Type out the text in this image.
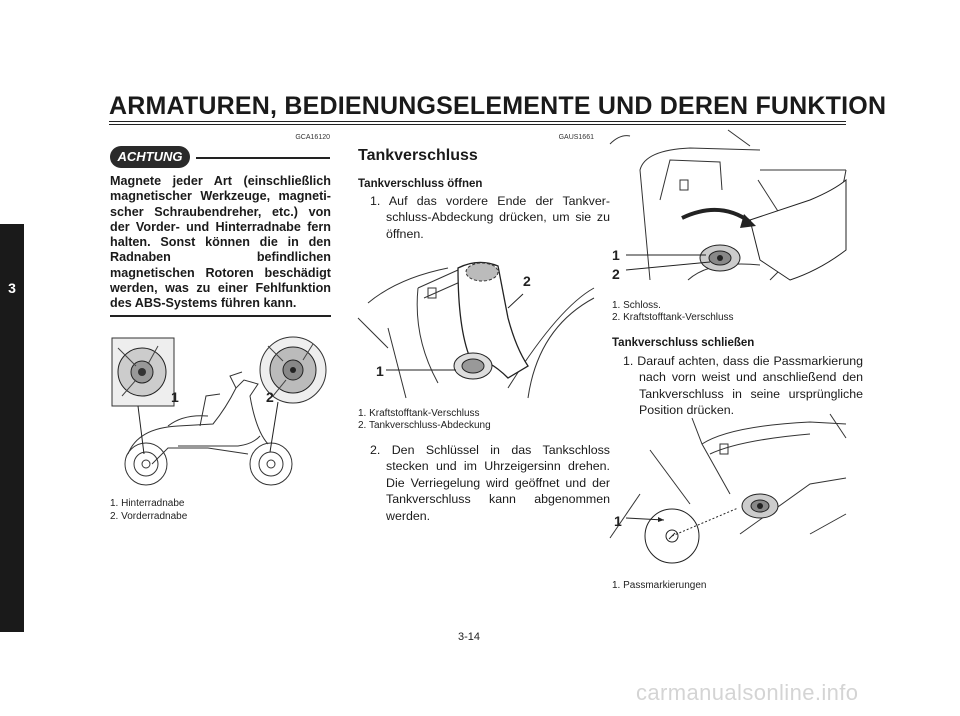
ARMATUREN, BEDIENUNGSELEMENTE UND DEREN FUNKTION
3
GCA16120
ACHTUNG
Magnete jeder Art (einschließlich magnetischer Werkzeuge, magnetischer Schraubendreher, etc.) von der Vorder- und Hinterradnabe fern halten. Sonst können die in den Radnaben befindlichen magnetischen Rotoren beschädigt werden, was zu einer Fehlfunktion des ABS-Systems führen kann.
1	2
1. Hinterradnabe
2. Vorderradnabe
GAUS1661
Tankverschluss
Tankverschluss öffnen
1. Auf das vordere Ende der Tankverschluss-Abdeckung drücken, um sie zu öffnen.
1
2
1. Kraftstofftank-Verschluss
2. Tankverschluss-Abdeckung
2. Den Schlüssel in das Tankschloss stecken und im Uhrzeigersinn drehen. Die Verriegelung wird geöffnet und der Tankverschluss kann abgenommen werden.
1
2
1. Schloss.
2. Kraftstofftank-Verschluss
Tankverschluss schließen
1. Darauf achten, dass die Passmarkierung nach vorn weist und anschließend den Tankverschluss in seine ursprüngliche Position drücken.
1
1. Passmarkierungen
3-14
carmanualsonline.info
